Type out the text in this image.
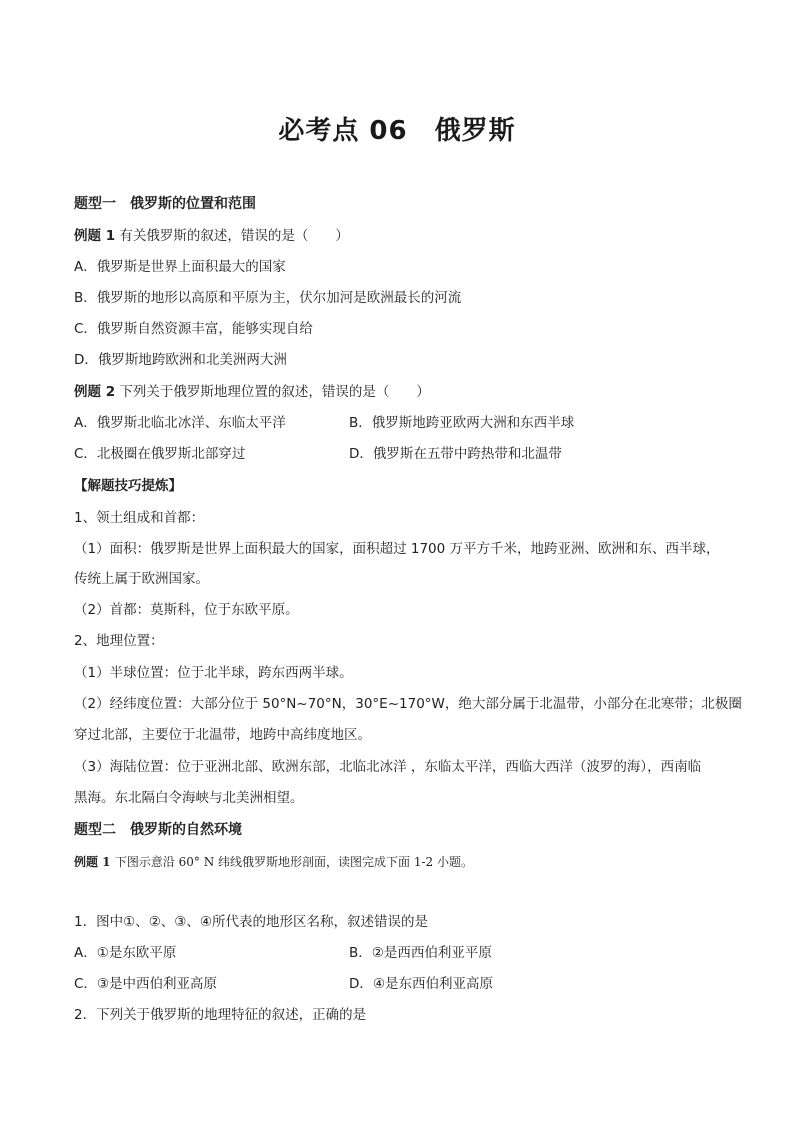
必考点 06　俄罗斯
题型一　俄罗斯的位置和范围
例题 1 有关俄罗斯的叙述，错误的是（　　）
A．俄罗斯是世界上面积最大的国家
B．俄罗斯的地形以高原和平原为主，伏尔加河是欧洲最长的河流
C．俄罗斯自然资源丰富，能够实现自给
D．俄罗斯地跨欧洲和北美洲两大洲
例题 2 下列关于俄罗斯地理位置的叙述，错误的是（　　）
A．俄罗斯北临北冰洋、东临太平洋	B．俄罗斯地跨亚欧两大洲和东西半球
C．北极圈在俄罗斯北部穿过	D．俄罗斯在五带中跨热带和北温带
【解题技巧提炼】
1、领土组成和首都：
（1）面积：俄罗斯是世界上面积最大的国家，面积超过 1700 万平方千米，地跨亚洲、欧洲和东、西半球，
传统上属于欧洲国家。
（2）首都：莫斯科，位于东欧平原。
2、地理位置：
（1）半球位置：位于北半球，跨东西两半球。
（2）经纬度位置：大部分位于 50°N~70°N，30°E~170°W，绝大部分属于北温带，小部分在北寒带；北极圈
穿过北部，主要位于北温带，地跨中高纬度地区。
（3）海陆位置：位于亚洲北部、欧洲东部，北临北冰洋 ，东临太平洋，西临大西洋（波罗的海），西南临
黑海。东北隔白令海峡与北美洲相望。
题型二　俄罗斯的自然环境
例题 1 下图示意沿 60° N 纬线俄罗斯地形剖面，读图完成下面 1-2 小题。
1．图中①、②、③、④所代表的地形区名称，叙述错误的是
A．①是东欧平原	B．②是西西伯利亚平原
C．③是中西伯利亚高原	D．④是东西伯利亚高原
2．下列关于俄罗斯的地理特征的叙述，正确的是
